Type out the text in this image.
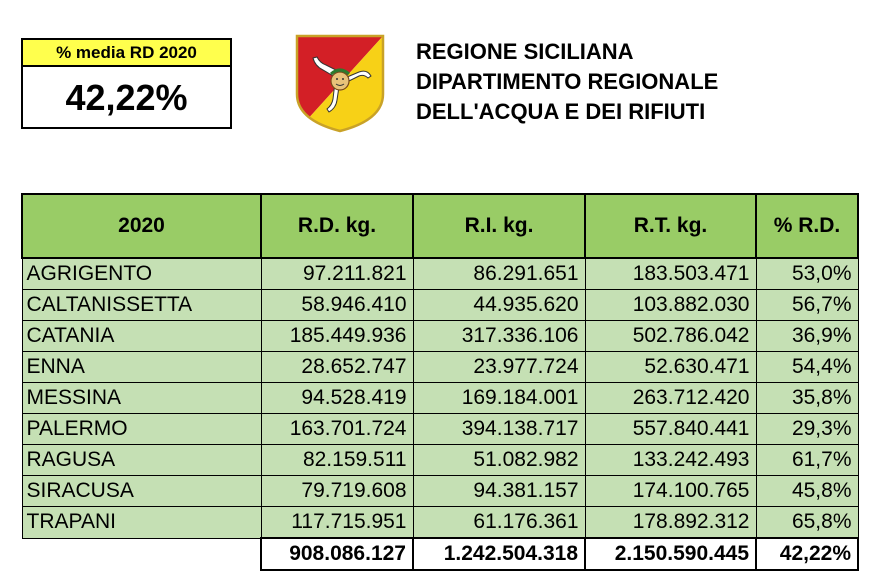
% media RD 2020
42,22%
REGIONE SICILIANA
DIPARTIMENTO REGIONALE
DELL'ACQUA E DEI RIFIUTI
2020	R.D. kg.	R.I. kg.	R.T. kg.	% R.D.
AGRIGENTO	97.211.821	86.291.651	183.503.471	53,0%
CALTANISSETTA	58.946.410	44.935.620	103.882.030	56,7%
CATANIA	185.449.936	317.336.106	502.786.042	36,9%
ENNA	28.652.747	23.977.724	52.630.471	54,4%
MESSINA	94.528.419	169.184.001	263.712.420	35,8%
PALERMO	163.701.724	394.138.717	557.840.441	29,3%
RAGUSA	82.159.511	51.082.982	133.242.493	61,7%
SIRACUSA	79.719.608	94.381.157	174.100.765	45,8%
TRAPANI	117.715.951	61.176.361	178.892.312	65,8%
	908.086.127	1.242.504.318	2.150.590.445	42,22%
